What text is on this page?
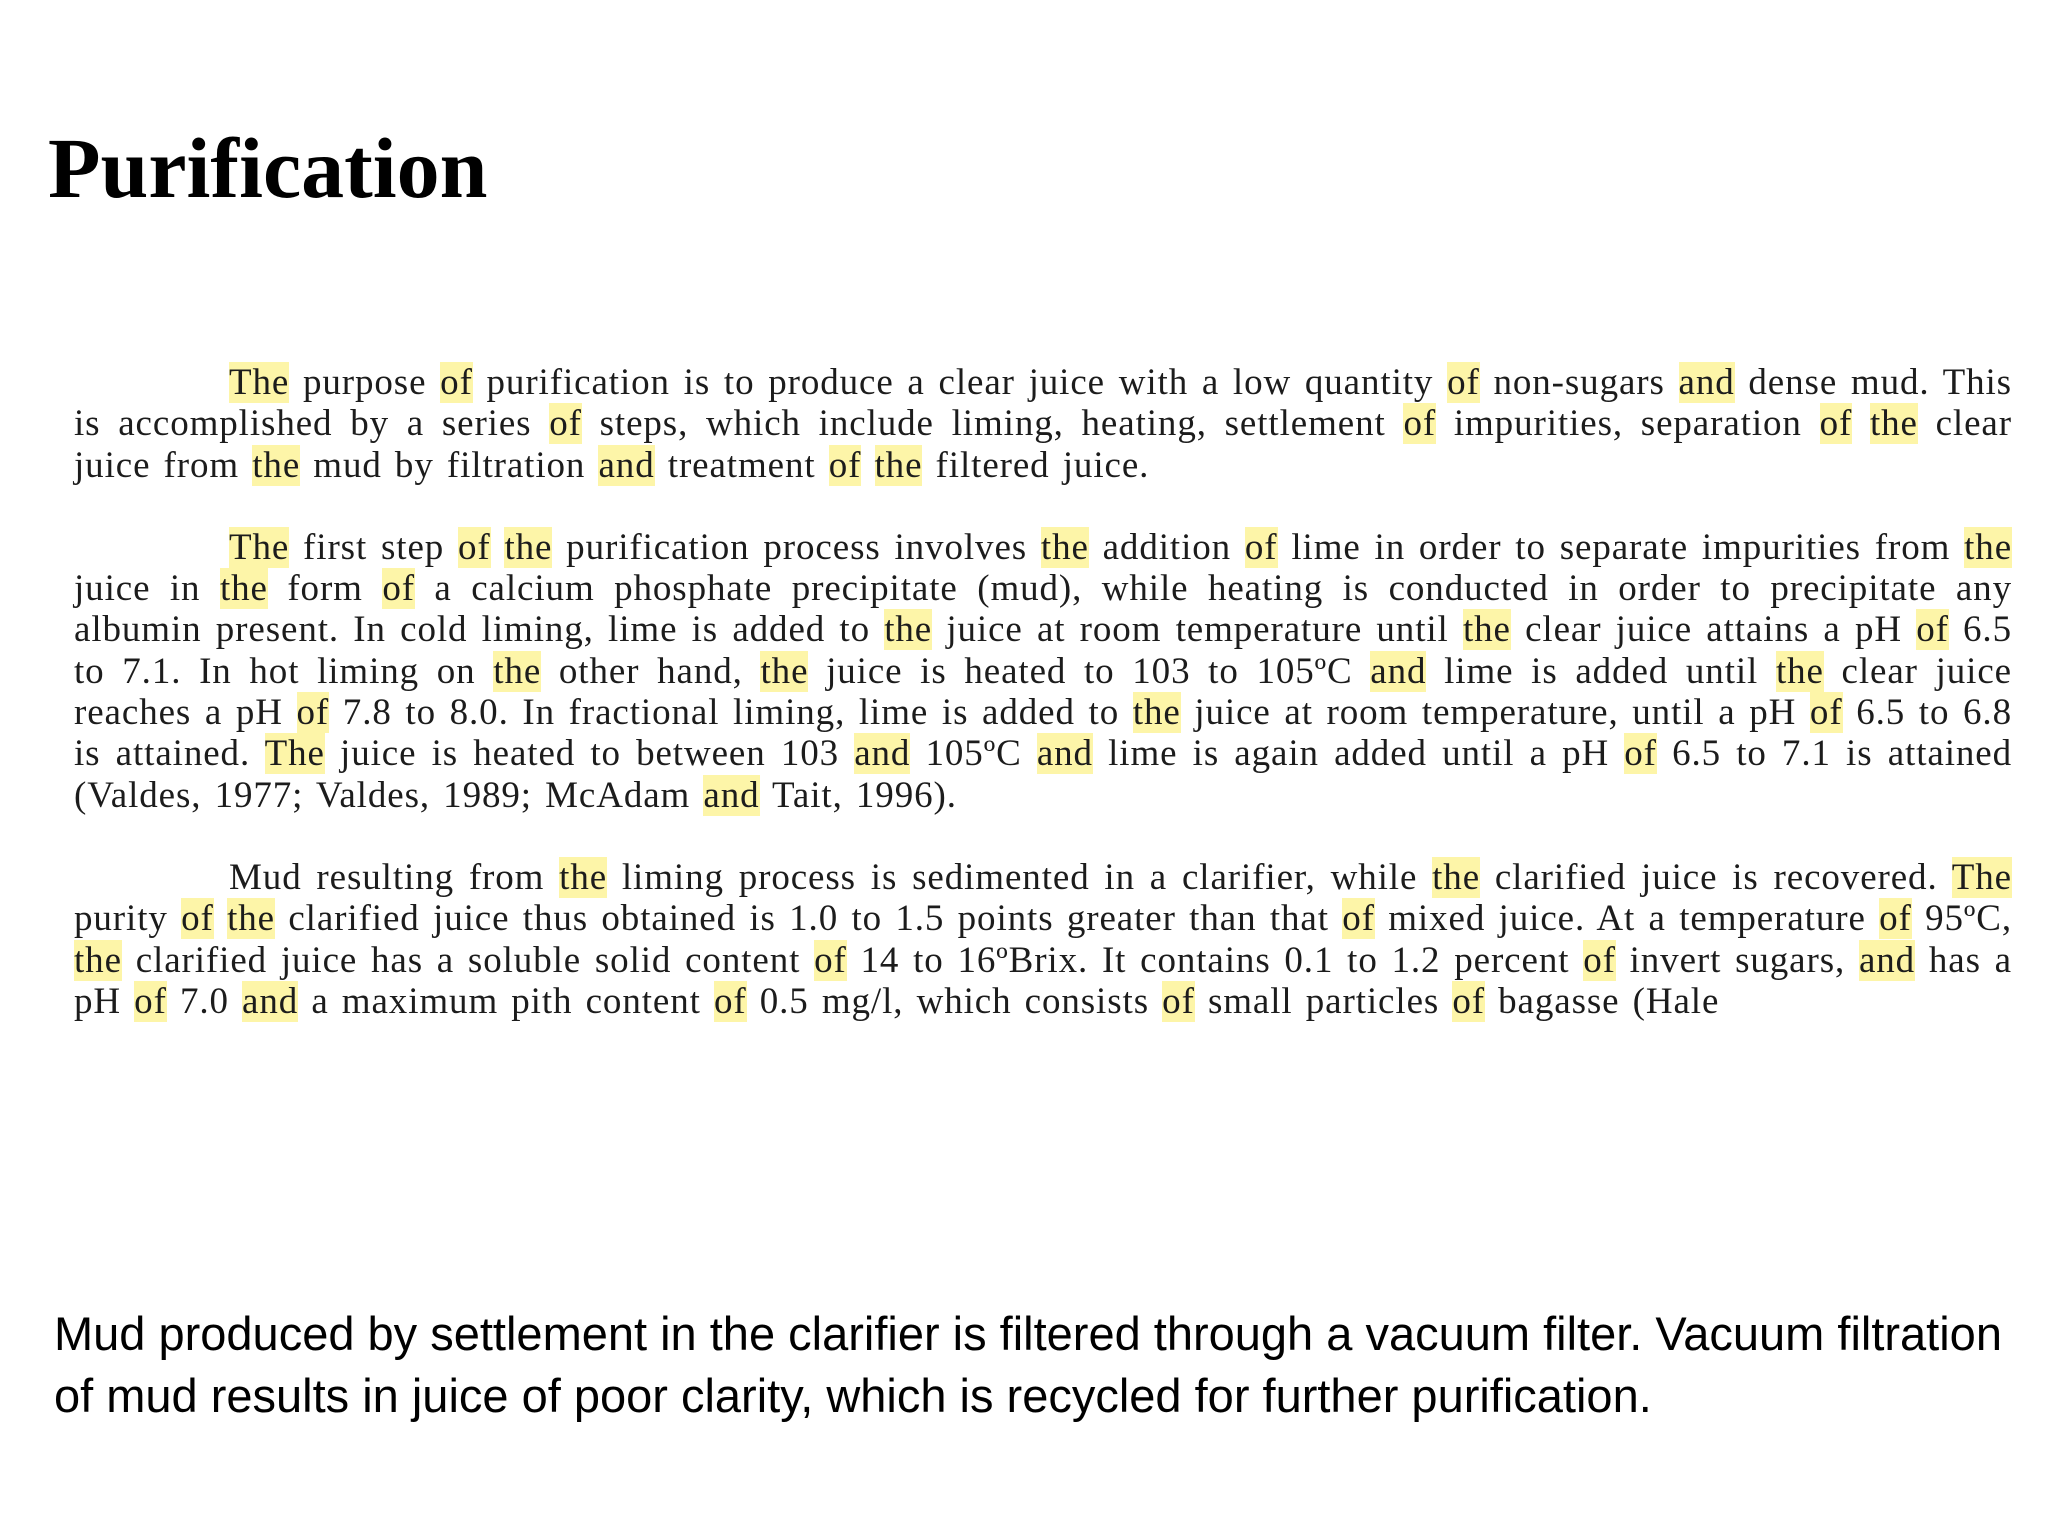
Purification

The purpose of purification is to produce a clear juice with a low quantity of non-sugars and dense mud. This is accomplished by a series of steps, which include liming, heating, settlement of impurities, separation of the clear juice from the mud by filtration and treatment of the filtered juice.

The first step of the purification process involves the addition of lime in order to separate impurities from the juice in the form of a calcium phosphate precipitate (mud), while heating is conducted in order to precipitate any albumin present. In cold liming, lime is added to the juice at room temperature until the clear juice attains a pH of 6.5 to 7.1. In hot liming on the other hand, the juice is heated to 103 to 105ºC and lime is added until the clear juice reaches a pH of 7.8 to 8.0. In fractional liming, lime is added to the juice at room temperature, until a pH of 6.5 to 6.8 is attained. The juice is heated to between 103 and 105ºC and lime is again added until a pH of 6.5 to 7.1 is attained (Valdes, 1977; Valdes, 1989; McAdam and Tait, 1996).

Mud resulting from the liming process is sedimented in a clarifier, while the clarified juice is recovered. The purity of the clarified juice thus obtained is 1.0 to 1.5 points greater than that of mixed juice. At a temperature of 95ºC, the clarified juice has a soluble solid content of 14 to 16ºBrix. It contains 0.1 to 1.2 percent of invert sugars, and has a pH of 7.0 and a maximum pith content of 0.5 mg/l, which consists of small particles of bagasse (Hale

Mud produced by settlement in the clarifier is filtered through a vacuum filter. Vacuum filtration of mud results in juice of poor clarity, which is recycled for further purification.
